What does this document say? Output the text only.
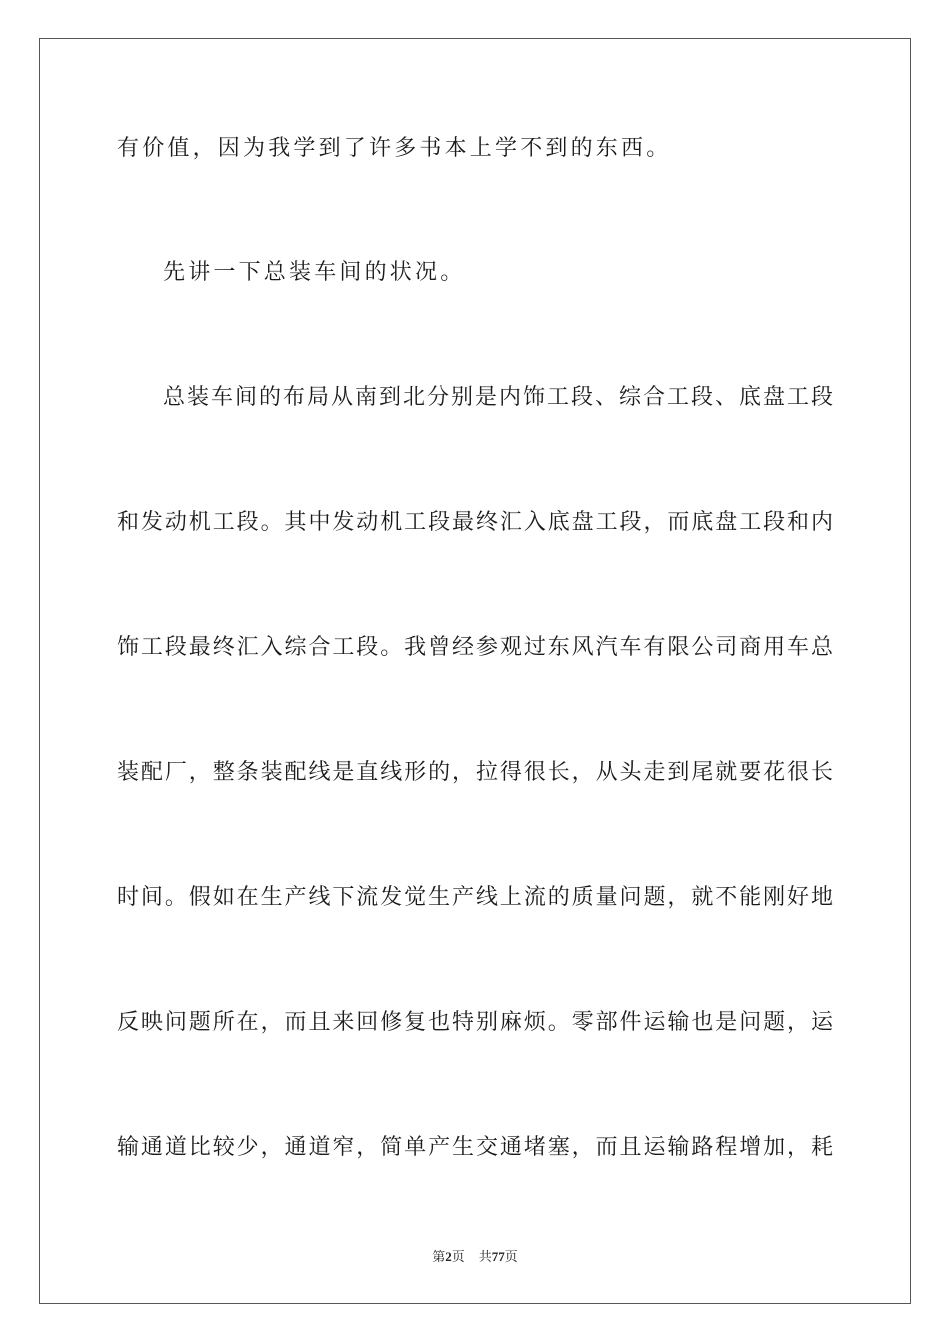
有价值，因为我学到了许多书本上学不到的东西。
先讲一下总装车间的状况。
总装车间的布局从南到北分别是内饰工段、综合工段、底盘工段
和发动机工段。其中发动机工段最终汇入底盘工段，而底盘工段和内
饰工段最终汇入综合工段。我曾经参观过东风汽车有限公司商用车总
装配厂，整条装配线是直线形的，拉得很长，从头走到尾就要花很长
时间。假如在生产线下流发觉生产线上流的质量问题，就不能刚好地
反映问题所在，而且来回修复也特别麻烦。零部件运输也是问题，运
输通道比较少，通道窄，简单产生交通堵塞，而且运输路程增加，耗
第2页 共77页
